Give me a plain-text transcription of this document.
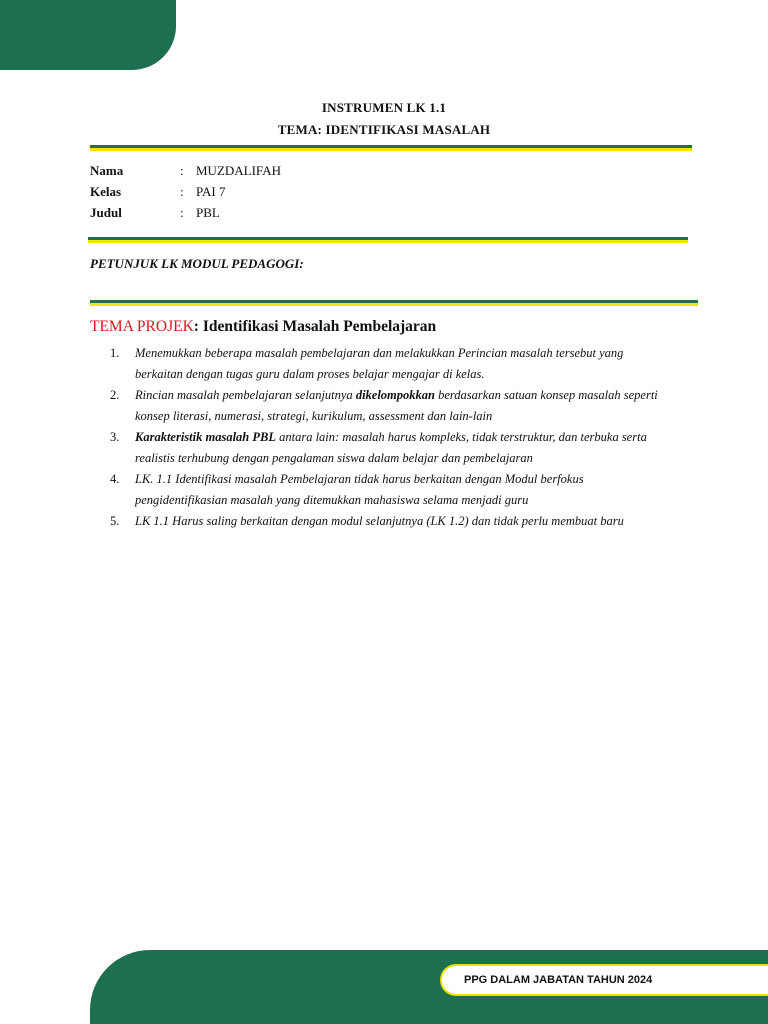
INSTRUMEN LK 1.1
TEMA: IDENTIFIKASI MASALAH
Nama	: MUZDALIFAH
Kelas	: PAI 7
Judul	: PBL
PETUNJUK LK MODUL PEDAGOGI:
TEMA PROJEK: Identifikasi Masalah Pembelajaran
1. Menemukkan beberapa masalah pembelajaran dan melakukkan Perincian masalah tersebut yang berkaitan dengan tugas guru dalam proses belajar mengajar di kelas.
2. Rincian masalah pembelajaran selanjutnya dikelompokkan berdasarkan satuan konsep masalah seperti konsep literasi, numerasi, strategi, kurikulum, assessment dan lain-lain
3. Karakteristik masalah PBL antara lain: masalah harus kompleks, tidak terstruktur, dan terbuka serta realistis terhubung dengan pengalaman siswa dalam belajar dan pembelajaran
4. LK. 1.1 Identifikasi masalah Pembelajaran tidak harus berkaitan dengan Modul berfokus pengidentifikasian masalah yang ditemukkan mahasiswa selama menjadi guru
5. LK 1.1 Harus saling berkaitan dengan modul selanjutnya (LK 1.2) dan tidak perlu membuat baru
PPG DALAM JABATAN TAHUN 2024
